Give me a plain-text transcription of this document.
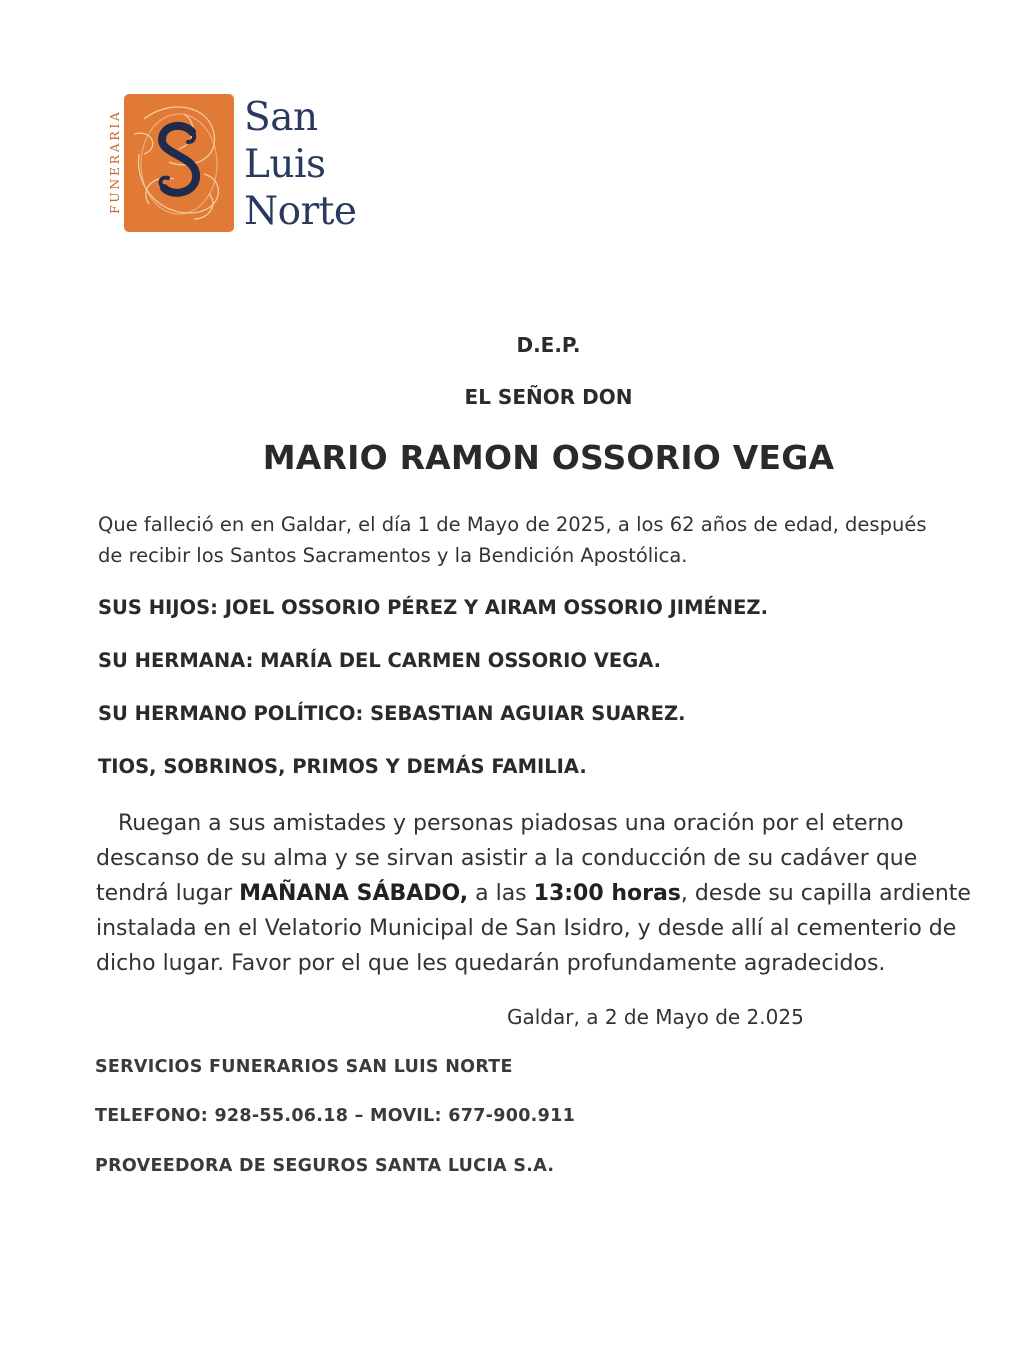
FUNERARIA	San
Luis
Norte
D.E.P.
EL SEÑOR DON
MARIO RAMON OSSORIO VEGA
Que falleció en en Galdar, el día 1 de Mayo de 2025, a los 62 años de edad, después
de recibir los Santos Sacramentos y la Bendición Apostólica.
SUS HIJOS: JOEL OSSORIO PÉREZ Y AIRAM OSSORIO JIMÉNEZ.
SU HERMANA: MARÍA DEL CARMEN OSSORIO VEGA.
SU HERMANO POLÍTICO: SEBASTIAN AGUIAR SUAREZ.
TIOS, SOBRINOS, PRIMOS Y DEMÁS FAMILIA.
Ruegan a sus amistades y personas piadosas una oración por el eterno
descanso de su alma y se sirvan asistir a la conducción de su cadáver que
tendrá lugar MAÑANA SÁBADO, a las 13:00 horas, desde su capilla ardiente
instalada en el Velatorio Municipal de San Isidro, y desde allí al cementerio de
dicho lugar. Favor por el que les quedarán profundamente agradecidos.
Galdar, a 2 de Mayo de 2.025
SERVICIOS FUNERARIOS SAN LUIS NORTE
TELEFONO: 928-55.06.18 – MOVIL: 677-900.911
PROVEEDORA DE SEGUROS SANTA LUCIA S.A.
